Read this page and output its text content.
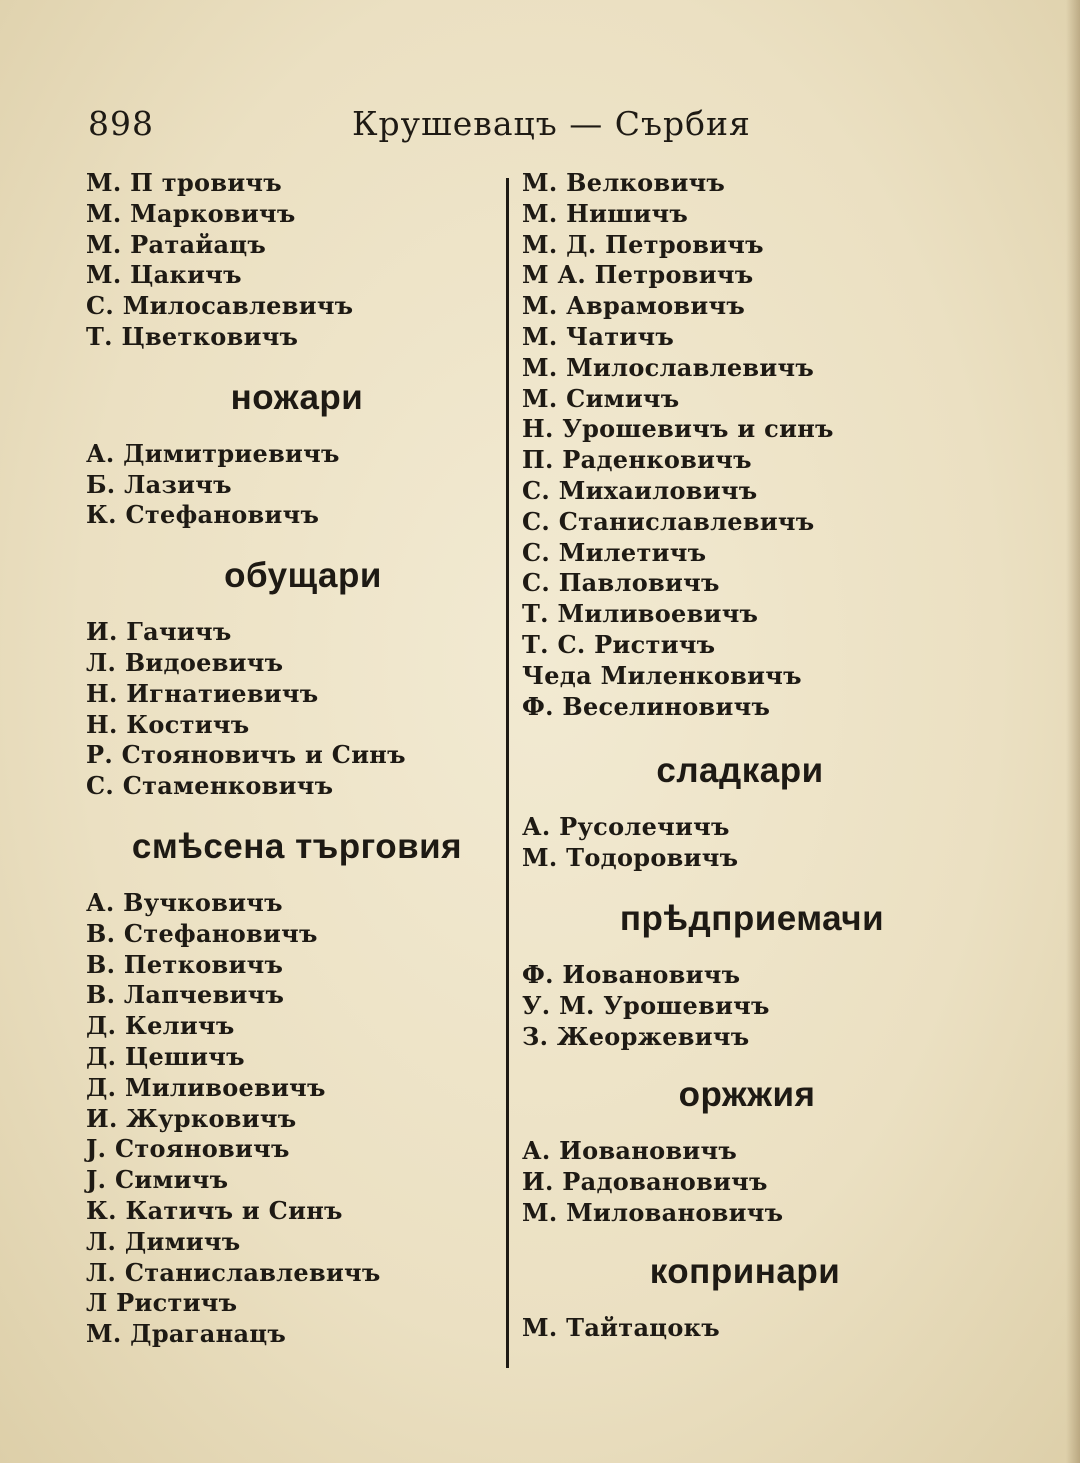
898	Крушевацъ — Сърбия
М. П тровичъ
М. Марковичъ
М. Ратайацъ
М. Цакичъ
С. Милосавлевичъ
Т. Цветковичъ
ножари
А. Димитриевичъ
Б. Лазичъ
К. Стефановичъ
обущари
И. Гачичъ
Л. Видоевичъ
Н. Игнатиевичъ
Н. Костичъ
Р. Стояновичъ и Синъ
С. Стаменковичъ
смѣсена търговия
А. Вучковичъ
В. Стефановичъ
В. Петковичъ
В. Лапчевичъ
Д. Келичъ
Д. Цешичъ
Д. Миливоевичъ
И. Журковичъ
Ј. Стояновичъ
Ј. Симичъ
К. Катичъ и Синъ
Л. Димичъ
Л. Станиславлевичъ
Л Ристичъ
М. Драганацъ
М. Велковичъ
М. Нишичъ
М. Д. Петровичъ
М А. Петровичъ
М. Аврамовичъ
М. Чатичъ
М. Милославлевичъ
М. Симичъ
Н. Урошевичъ и синъ
П. Раденковичъ
С. Михаиловичъ
С. Станиславлевичъ
С. Милетичъ
С. Павловичъ
Т. Миливоевичъ
Т. С. Ристичъ
Чеда Миленковичъ
Ф. Веселиновичъ
сладкари
А. Русолечичъ
М. Тодоровичъ
прѣдприемачи
Ф. Иовановичъ
У. М. Урошевичъ
З. Жеоржевичъ
оржжия
А. Иовановичъ
И. Радовановичъ
М. Миловановичъ
копринари
М. Тайтацокъ
